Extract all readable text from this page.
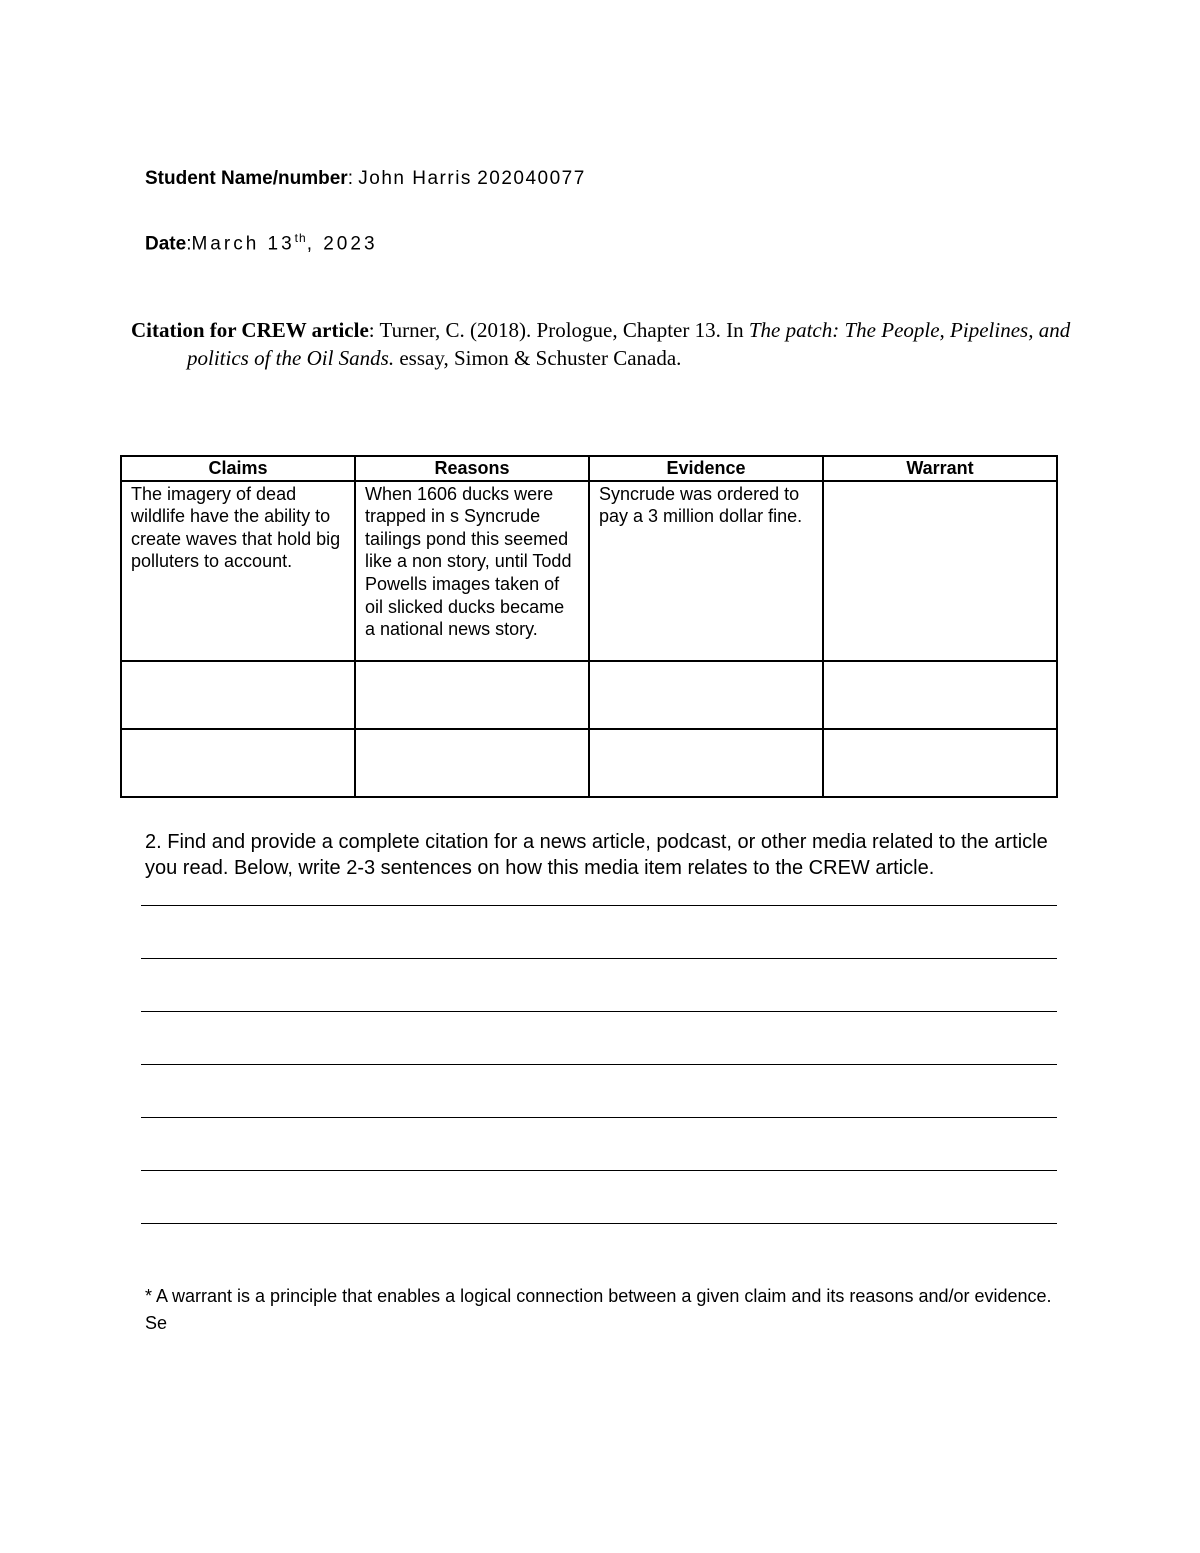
Student Name/number: John Harris 202040077
Date:March 13th, 2023
Citation for CREW article: Turner, C. (2018). Prologue, Chapter 13. In The patch: The People, Pipelines, and politics of the Oil Sands. essay, Simon & Schuster Canada.
Claims	Reasons	Evidence	Warrant
The imagery of dead wildlife have the ability to create waves that hold big polluters to account.	When 1606 ducks were trapped in s Syncrude tailings pond this seemed like a non story, until Todd Powells images taken of oil slicked ducks became a national news story.	Syncrude was ordered to pay a 3 million dollar fine.	

2. Find and provide a complete citation for a news article, podcast, or other media related to the article you read. Below, write 2-3 sentences on how this media item relates to the CREW article.
* A warrant is a principle that enables a logical connection between a given claim and its reasons and/or evidence. Se
